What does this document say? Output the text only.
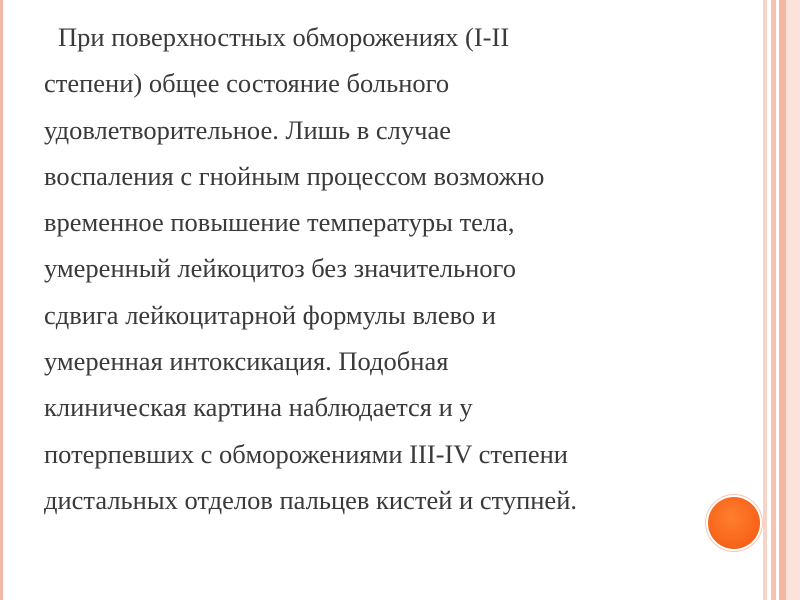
При поверхностных обморожениях (I-II
степени) общее состояние больного
удовлетворительное. Лишь в случае
воспаления с гнойным процессом возможно
временное повышение температуры тела,
умеренный лейкоцитоз без значительного
сдвига лейкоцитарной формулы влево и
умеренная интоксикация. Подобная
клиническая картина наблюдается и у
потерпевших с обморожениями III-IV степени
дистальных отделов пальцев кистей и ступней.
